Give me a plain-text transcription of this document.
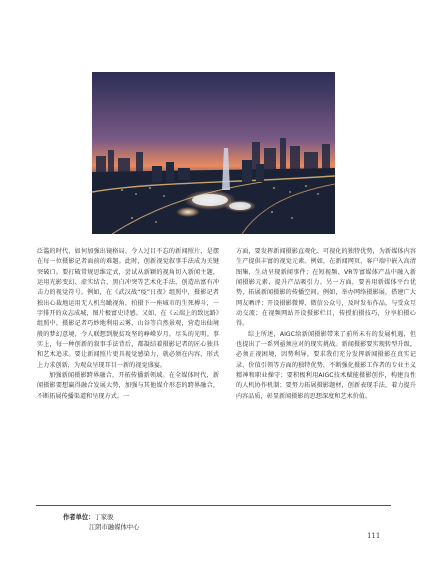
泛滥的时代，如何加强出镜格局、令人过目不忘的新闻照片，是摆在每一位摄影记者面前的难题。此时，创新视觉叙事手法成为关键突破口。要打破常规思维定式，尝试从新颖的视角切入新闻主题，运用光影变幻、虚实结合、黑白冲突等艺术化手法，创造出富有冲击力的视觉符号。例如，在《武汉战“疫”日夜》组照中，摄影记者独出心裁地运用无人机鸟瞰视角，拍摄下一座城市的生死搏斗，一字排开的众志成城，图片极富史诗感。又如，在《云端上的致远路》组照中，摄影记者巧妙地利用云雾、山谷等自然景观，营造出仙境般的梦幻意境，令人联想到脱贫攻坚的峥嵘岁月，尽头的光明。事实上，每一种创新的叙事手法背后，都凝结着摄影记者的匠心独具和艺术追求。要让新闻照片更具视觉感染力，就必须在内容、形式上力求创新，为观众呈现耳目一新的视觉盛宴。

加强新闻摄影跨界融合，开拓传播新领域。在全媒体时代，新闻摄影要想赢得融合发展大势，加强与其他媒介形态的跨界融合，不断拓展传播渠道和呈现方式。一

方面，要发挥新闻摄影直观化、可视化的独特优势，为新媒体内容生产提供丰富的视觉元素。例如，在新闻网页、客户端中嵌入高清图集，生动呈现新闻事件；在短视频、VR等富媒体产品中融入新闻摄影元素，提升产品吸引力。另一方面，要善用新媒体平台优势，拓展新闻摄影的传播空间。例如，举办网络摄影展，搭建广大网友晒评；开设摄影微博、微信公众号，及时发布作品，与受众互动交流；在视频网站开设摄影栏目，传授拍摄技巧，分享拍摄心得。

综上所述，AIGC给新闻摄影带来了前所未有的发展机遇，但也提出了一系列亟须应对的现实挑战。新闻摄影要实现转型升级，必须正视困境，因势利导，要求我们充分发挥新闻摄影在真实记录、价值引领等方面的独特优势，不断强化摄影工作者的专业主义精神和职业操守；要积极利用AIGC技术赋能摄影创作，构建良性的人机协作机制；要努力拓展摄影题材，创新表现手法，着力提升内容品质，彰显新闻摄影的思想深度和艺术价值。

作者单位：丁家骏
江阴市融媒体中心
111
